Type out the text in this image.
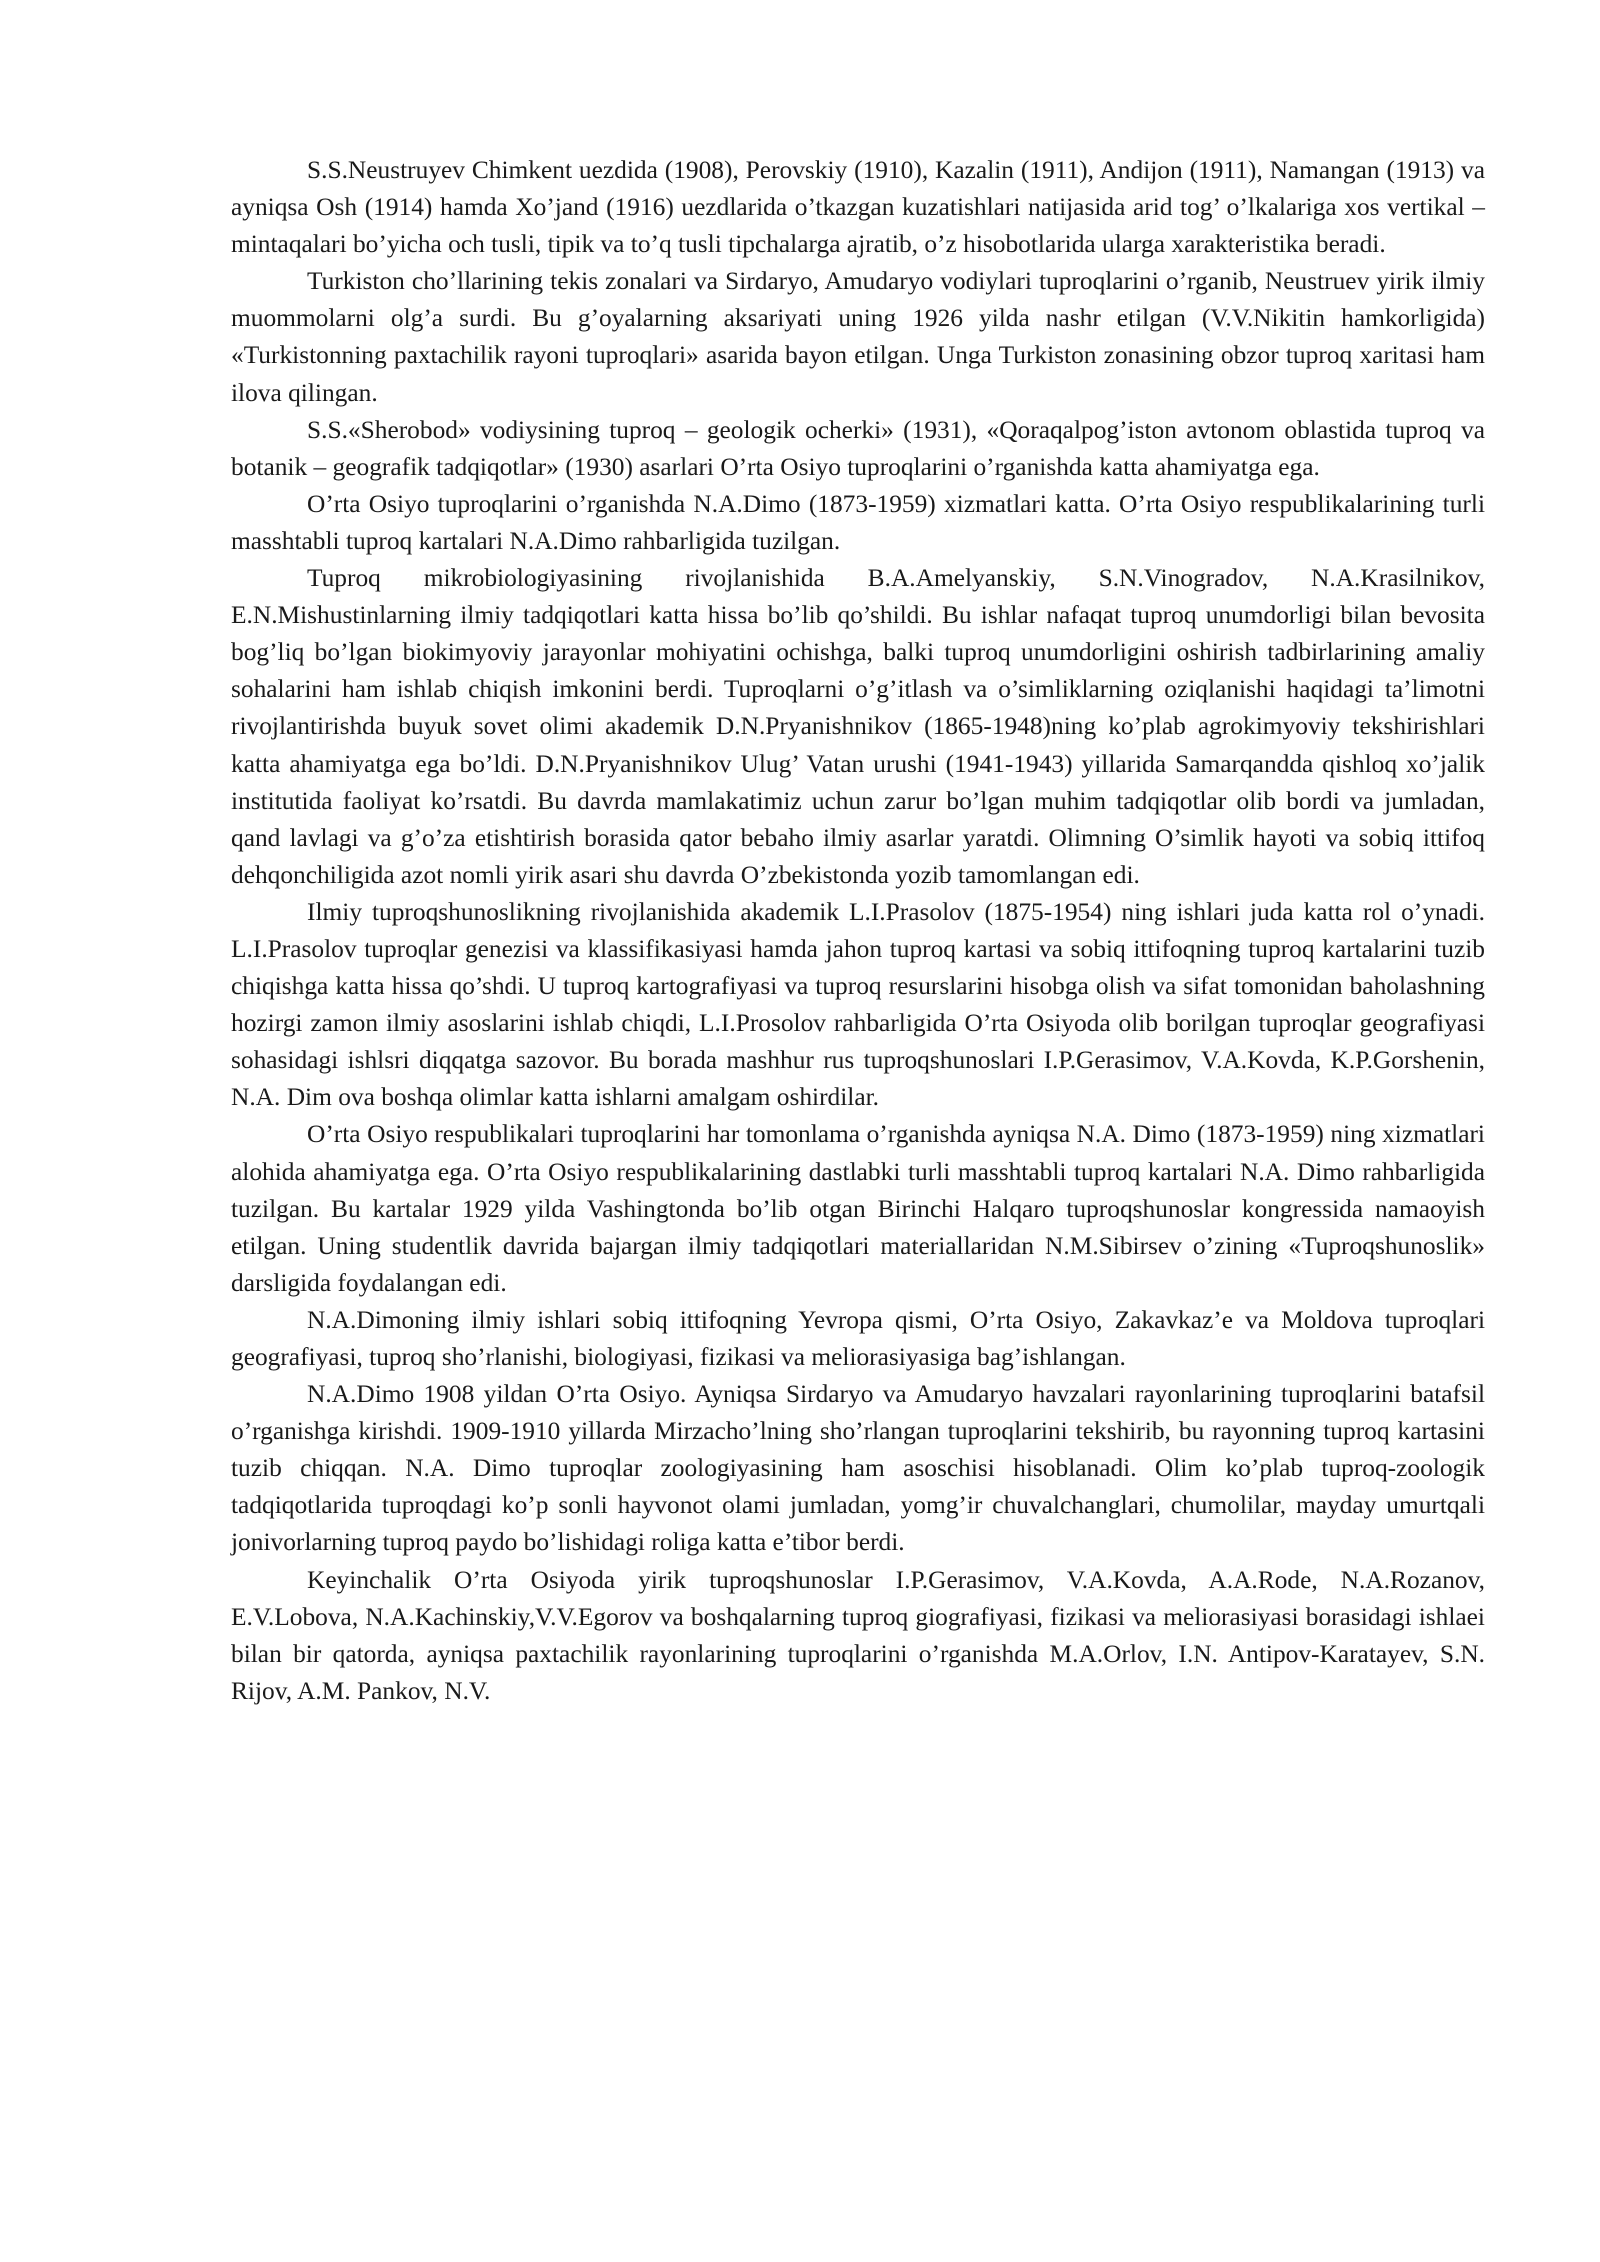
S.S.Neustruyev Chimkent uezdida (1908), Perovskiy (1910), Kazalin (1911), Andijon (1911), Namangan (1913) va ayniqsa Osh (1914) hamda Xo’jand (1916) uezdlarida o’tkazgan kuzatishlari natijasida arid tog’ o’lkalariga xos vertikal – mintaqalari bo’yicha och tusli, tipik va to’q tusli tipchalarga ajratib, o’z hisobotlarida ularga xarakteristika beradi.

Turkiston cho’llarining tekis zonalari va Sirdaryo, Amudaryo vodiylari tuproqlarini o’rganib, Neustruev yirik ilmiy muommolarni olg’a surdi. Bu g’oyalarning aksariyati uning 1926 yilda nashr etilgan (V.V.Nikitin hamkorligida) «Turkistonning paxtachilik rayoni tuproqlari» asarida bayon etilgan. Unga Turkiston zonasining obzor tuproq xaritasi ham ilova qilingan.

S.S.«Sherobod» vodiysining tuproq – geologik ocherki» (1931), «Qoraqalpog’iston avtonom oblastida tuproq va botanik – geografik tadqiqotlar» (1930) asarlari O’rta Osiyo tuproqlarini o’rganishda katta ahamiyatga ega.

O’rta Osiyo tuproqlarini o’rganishda N.A.Dimo (1873-1959) xizmatlari katta. O’rta Osiyo respublikalarining turli masshtabli tuproq kartalari N.A.Dimo rahbarligida tuzilgan.

Tuproq mikrobiologiyasining rivojlanishida B.A.Amelyanskiy, S.N.Vinogradov, N.A.Krasilnikov, E.N.Mishustinlarning ilmiy tadqiqotlari katta hissa bo’lib qo’shildi. Bu ishlar nafaqat tuproq unumdorligi bilan bevosita bog’liq bo’lgan biokimyoviy jarayonlar mohiyatini ochishga, balki tuproq unumdorligini oshirish tadbirlarining amaliy sohalarini ham ishlab chiqish imkonini berdi. Tuproqlarni o’g’itlash va o’simliklarning oziqlanishi haqidagi ta’limotni rivojlantirishda buyuk sovet olimi akademik D.N.Pryanishnikov (1865-1948)ning ko’plab agrokimyoviy tekshirishlari katta ahamiyatga ega bo’ldi. D.N.Pryanishnikov Ulug’ Vatan urushi (1941-1943) yillarida Samarqandda qishloq xo’jalik institutida faoliyat ko’rsatdi. Bu davrda mamlakatimiz uchun zarur bo’lgan muhim tadqiqotlar olib bordi va jumladan, qand lavlagi va g’o’za etishtirish borasida qator bebaho ilmiy asarlar yaratdi. Olimning O’simlik hayoti va sobiq ittifoq dehqonchiligida azot nomli yirik asari shu davrda O’zbekistonda yozib tamomlangan edi.

Ilmiy tuproqshunoslikning rivojlanishida akademik L.I.Prasolov (1875-1954) ning ishlari juda katta rol o’ynadi. L.I.Prasolov tuproqlar genezisi va klassifikasiyasi hamda jahon tuproq kartasi va sobiq ittifoqning tuproq kartalarini tuzib chiqishga katta hissa qo’shdi. U tuproq kartografiyasi va tuproq resurslarini hisobga olish va sifat tomonidan baholashning hozirgi zamon ilmiy asoslarini ishlab chiqdi, L.I.Prosolov rahbarligida O’rta Osiyoda olib borilgan tuproqlar geografiyasi sohasidagi ishlsri diqqatga sazovor. Bu borada mashhur rus tuproqshunoslari I.P.Gerasimov, V.A.Kovda, K.P.Gorshenin, N.A. Dim ova boshqa olimlar katta ishlarni amalgam oshirdilar.

O’rta Osiyo respublikalari tuproqlarini har tomonlama o’rganishda ayniqsa N.A. Dimo (1873-1959) ning xizmatlari alohida ahamiyatga ega. O’rta Osiyo respublikalarining dastlabki turli masshtabli tuproq kartalari N.A. Dimo rahbarligida tuzilgan. Bu kartalar 1929 yilda Vashingtonda bo’lib otgan Birinchi Halqaro tuproqshunoslar kongressida namaoyish etilgan. Uning studentlik davrida bajargan ilmiy tadqiqotlari materiallaridan N.M.Sibirsev o’zining «Tuproqshunoslik» darsligida foydalangan edi.

N.A.Dimoning ilmiy ishlari sobiq ittifoqning Yevropa qismi, O’rta Osiyo, Zakavkaz’e va Moldova tuproqlari geografiyasi, tuproq sho’rlanishi, biologiyasi, fizikasi va meliorasiyasiga bag’ishlangan.

N.A.Dimo 1908 yildan O’rta Osiyo. Ayniqsa Sirdaryo va Amudaryo havzalari rayonlarining tuproqlarini batafsil o’rganishga kirishdi. 1909-1910 yillarda Mirzacho’lning sho’rlangan tuproqlarini tekshirib, bu rayonning tuproq kartasini tuzib chiqqan. N.A. Dimo tuproqlar zoologiyasining ham asoschisi hisoblanadi. Olim ko’plab tuproq-zoologik tadqiqotlarida tuproqdagi ko’p sonli hayvonot olami jumladan, yomg’ir chuvalchanglari, chumolilar, mayday umurtqali jonivorlarning tuproq paydo bo’lishidagi roliga katta e’tibor berdi.

Keyinchalik O’rta Osiyoda yirik tuproqshunoslar I.P.Gerasimov, V.A.Kovda, A.A.Rode, N.A.Rozanov, E.V.Lobova, N.A.Kachinskiy,V.V.Egorov va boshqalarning tuproq giografiyasi, fizikasi va meliorasiyasi borasidagi ishlaei bilan bir qatorda, ayniqsa paxtachilik rayonlarining tuproqlarini o’rganishda M.A.Orlov, I.N. Antipov-Karatayev, S.N. Rijov, A.M. Pankov, N.V.
